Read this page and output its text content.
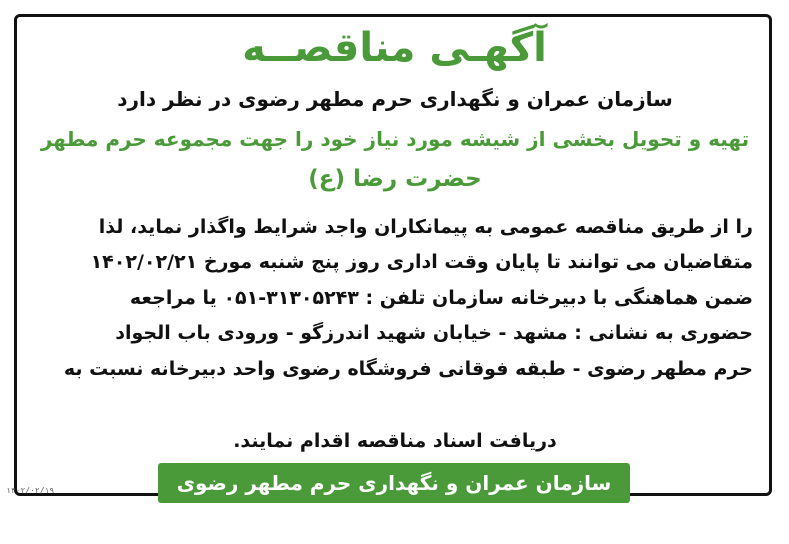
آگهـی مناقصــه
سازمان عمران و نگهداری حرم مطهر رضوی در نظر دارد
تهیه و تحویل بخشی از شیشه مورد نیاز خود را جهت مجموعه حرم مطهر
حضرت رضا (ع)
را از طریق مناقصه عمومی به پیمانکاران واجد شرایط واگذار نماید، لذا
متقاضیان می توانند تا پایان وقت اداری روز پنج شنبه مورخ ۱۴۰۲/۰۲/۲۱
ضمن هماهنگی با دبیرخانه سازمان تلفن : ۳۱۳۰۵۲۴۳-۰۵۱ یا مراجعه
حضوری به نشانی : مشهد - خیابان شهید اندرزگو - ورودی باب الجواد
حرم مطهر رضوی - طبقه فوقانی فروشگاه رضوی واحد دبیرخانه نسبت به
دریافت اسناد مناقصه اقدام نمایند.
سازمان عمران و نگهداری حرم مطهر رضوی
۱۴۰۲/۰۲/۱۹
